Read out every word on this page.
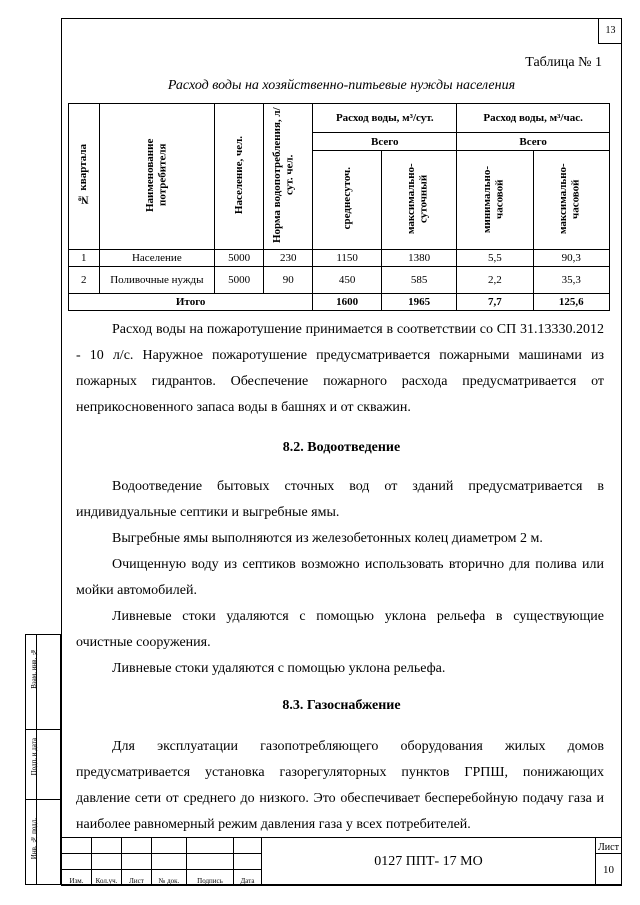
13
Таблица № 1
Расход воды на хозяйственно-питьевые нужды населения
№ квартала	Наименование потребителя	Население, чел.	Норма водопотребления, л/сут. чел.	Расход воды, м³/сут.		Расход воды, м³/час.	
				Всего		Всего	
				среднесуточ.	максимально-суточный	минимально-часовой	максимально-часовой
1	Население	5000	230	1150	1380	5,5	90,3
2	Поливочные нужды	5000	90	450	585	2,2	35,3
Итого				1600	1965	7,7	125,6

Расход воды на пожаротушение принимается в соответствии со СП 31.13330.2012 - 10 л/с. Наружное пожаротушение предусматривается пожарными машинами из пожарных гидрантов. Обеспечение пожарного расхода предусматривается от неприкосновенного запаса воды в башнях и от скважин.

8.2. Водоотведение

Водоотведение бытовых сточных вод от зданий предусматривается в индивидуальные септики и выгребные ямы.

Выгребные ямы выполняются из железобетонных колец диаметром 2 м.

Очищенную воду из септиков возможно использовать вторично для полива или мойки автомобилей.

Ливневые стоки удаляются с помощью уклона рельефа в существующие очистные сооружения.

Ливневые стоки удаляются с помощью уклона рельефа.

8.3. Газоснабжение

Для эксплуатации газопотребляющего оборудования жилых домов предусматривается установка газорегуляторных пунктов ГРПШ, понижающих давление сети от среднего до низкого. Это обеспечивает бесперебойную подачу газа и наиболее равномерный режим давления газа у всех потребителей.

Взам. инв. №
Подп. и дата
Инв. № подл.
						0127 ППТ- 17 МО	Лист
							10
Изм.	Кол.уч.	Лист	№ док.	Подпись	Дата		
